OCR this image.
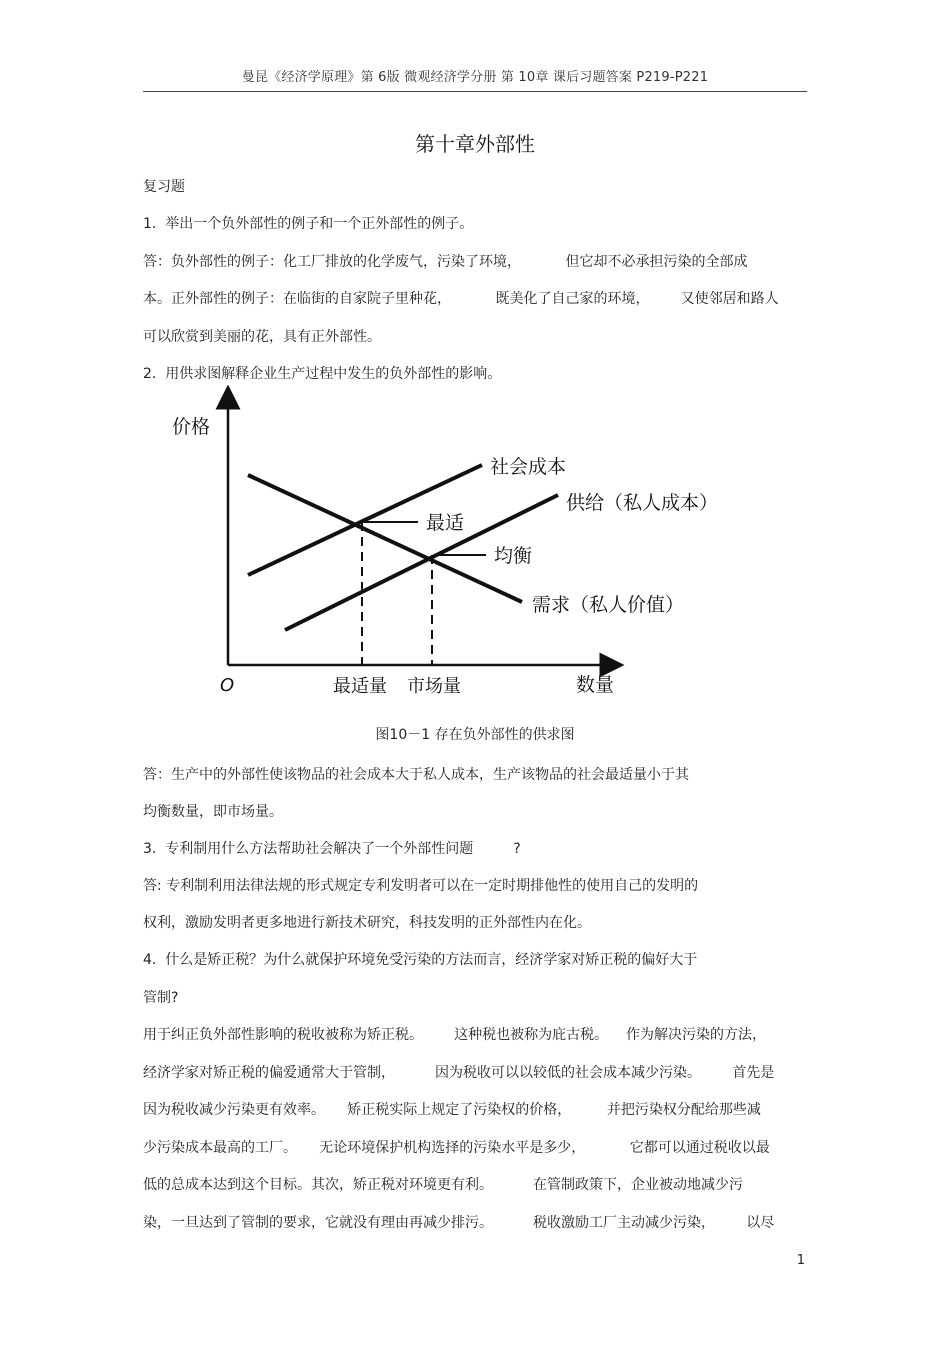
曼昆《经济学原理》第 6版 微观经济学分册 第 10章 课后习题答案 P219-P221
第十章外部性
复习题
1.  举出一个负外部性的例子和一个正外部性的例子。
答：负外部性的例子：化工厂排放的化学废气，污染了环境，          但它却不必承担污染的全部成
本。正外部性的例子：在临街的自家院子里种花，          既美化了自己家的环境，       又使邻居和路人
可以欣赏到美丽的花，具有正外部性。
2.  用供求图解释企业生产过程中发生的负外部性的影响。
价格
数量
O
社会成本
供给（私人成本）
需求（私人价值）
最适
均衡
最适量 市场量
图10－1 存在负外部性的供求图
答：生产中的外部性使该物品的社会成本大于私人成本，生产该物品的社会最适量小于其
均衡数量，即市场量。
3.  专利制用什么方法帮助社会解决了一个外部性问题         ?
答: 专利制利用法律法规的形式规定专利发明者可以在一定时期排他性的使用自己的发明的
权利，激励发明者更多地进行新技术研究，科技发明的正外部性内在化。
4.  什么是矫正税？为什么就保护环境免受污染的方法而言，经济学家对矫正税的偏好大于
管制?
用于纠正负外部性影响的税收被称为矫正税。       这种税也被称为庇古税。    作为解决污染的方法，
经济学家对矫正税的偏爱通常大于管制，         因为税收可以以较低的社会成本减少污染。       首先是
因为税收减少污染更有效率。     矫正税实际上规定了污染权的价格，        并把污染权分配给那些减
少污染成本最高的工厂。     无论环境保护机构选择的污染水平是多少，          它都可以通过税收以最
低的总成本达到这个目标。其次，矫正税对环境更有利。         在管制政策下，企业被动地减少污
染，一旦达到了管制的要求，它就没有理由再减少排污。         税收激励工厂主动减少污染，       以尽
1
